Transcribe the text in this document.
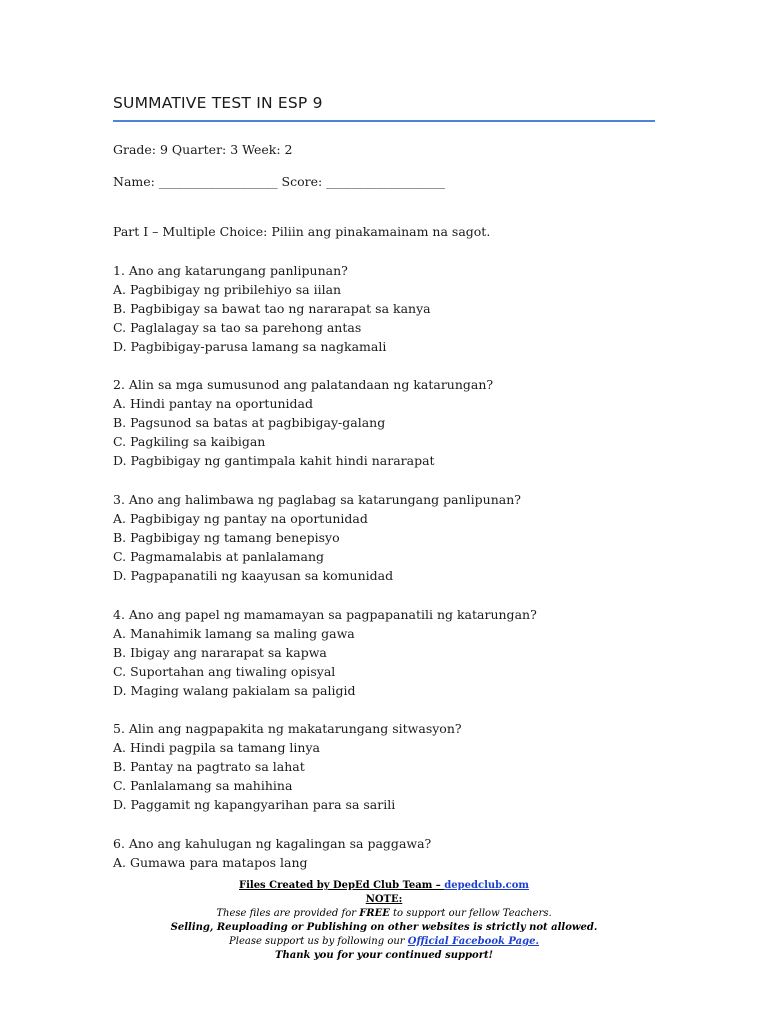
SUMMATIVE TEST IN ESP 9
Grade: 9 Quarter: 3 Week: 2
Name: ___________________ Score: ___________________
Part I – Multiple Choice: Piliin ang pinakamainam na sagot.
1. Ano ang katarungang panlipunan?
A. Pagbibigay ng pribilehiyo sa iilan
B. Pagbibigay sa bawat tao ng nararapat sa kanya
C. Paglalagay sa tao sa parehong antas
D. Pagbibigay-parusa lamang sa nagkamali
2. Alin sa mga sumusunod ang palatandaan ng katarungan?
A. Hindi pantay na oportunidad
B. Pagsunod sa batas at pagbibigay-galang
C. Pagkiling sa kaibigan
D. Pagbibigay ng gantimpala kahit hindi nararapat
3. Ano ang halimbawa ng paglabag sa katarungang panlipunan?
A. Pagbibigay ng pantay na oportunidad
B. Pagbibigay ng tamang benepisyo
C. Pagmamalabis at panlalamang
D. Pagpapanatili ng kaayusan sa komunidad
4. Ano ang papel ng mamamayan sa pagpapanatili ng katarungan?
A. Manahimik lamang sa maling gawa
B. Ibigay ang nararapat sa kapwa
C. Suportahan ang tiwaling opisyal
D. Maging walang pakialam sa paligid
5. Alin ang nagpapakita ng makatarungang sitwasyon?
A. Hindi pagpila sa tamang linya
B. Pantay na pagtrato sa lahat
C. Panlalamang sa mahihina
D. Paggamit ng kapangyarihan para sa sarili
6. Ano ang kahulugan ng kagalingan sa paggawa?
A. Gumawa para matapos lang
Files Created by DepEd Club Team – depedclub.com
NOTE:
These files are provided for FREE to support our fellow Teachers.
Selling, Reuploading or Publishing on other websites is strictly not allowed.
Please support us by following our Official Facebook Page.
Thank you for your continued support!
